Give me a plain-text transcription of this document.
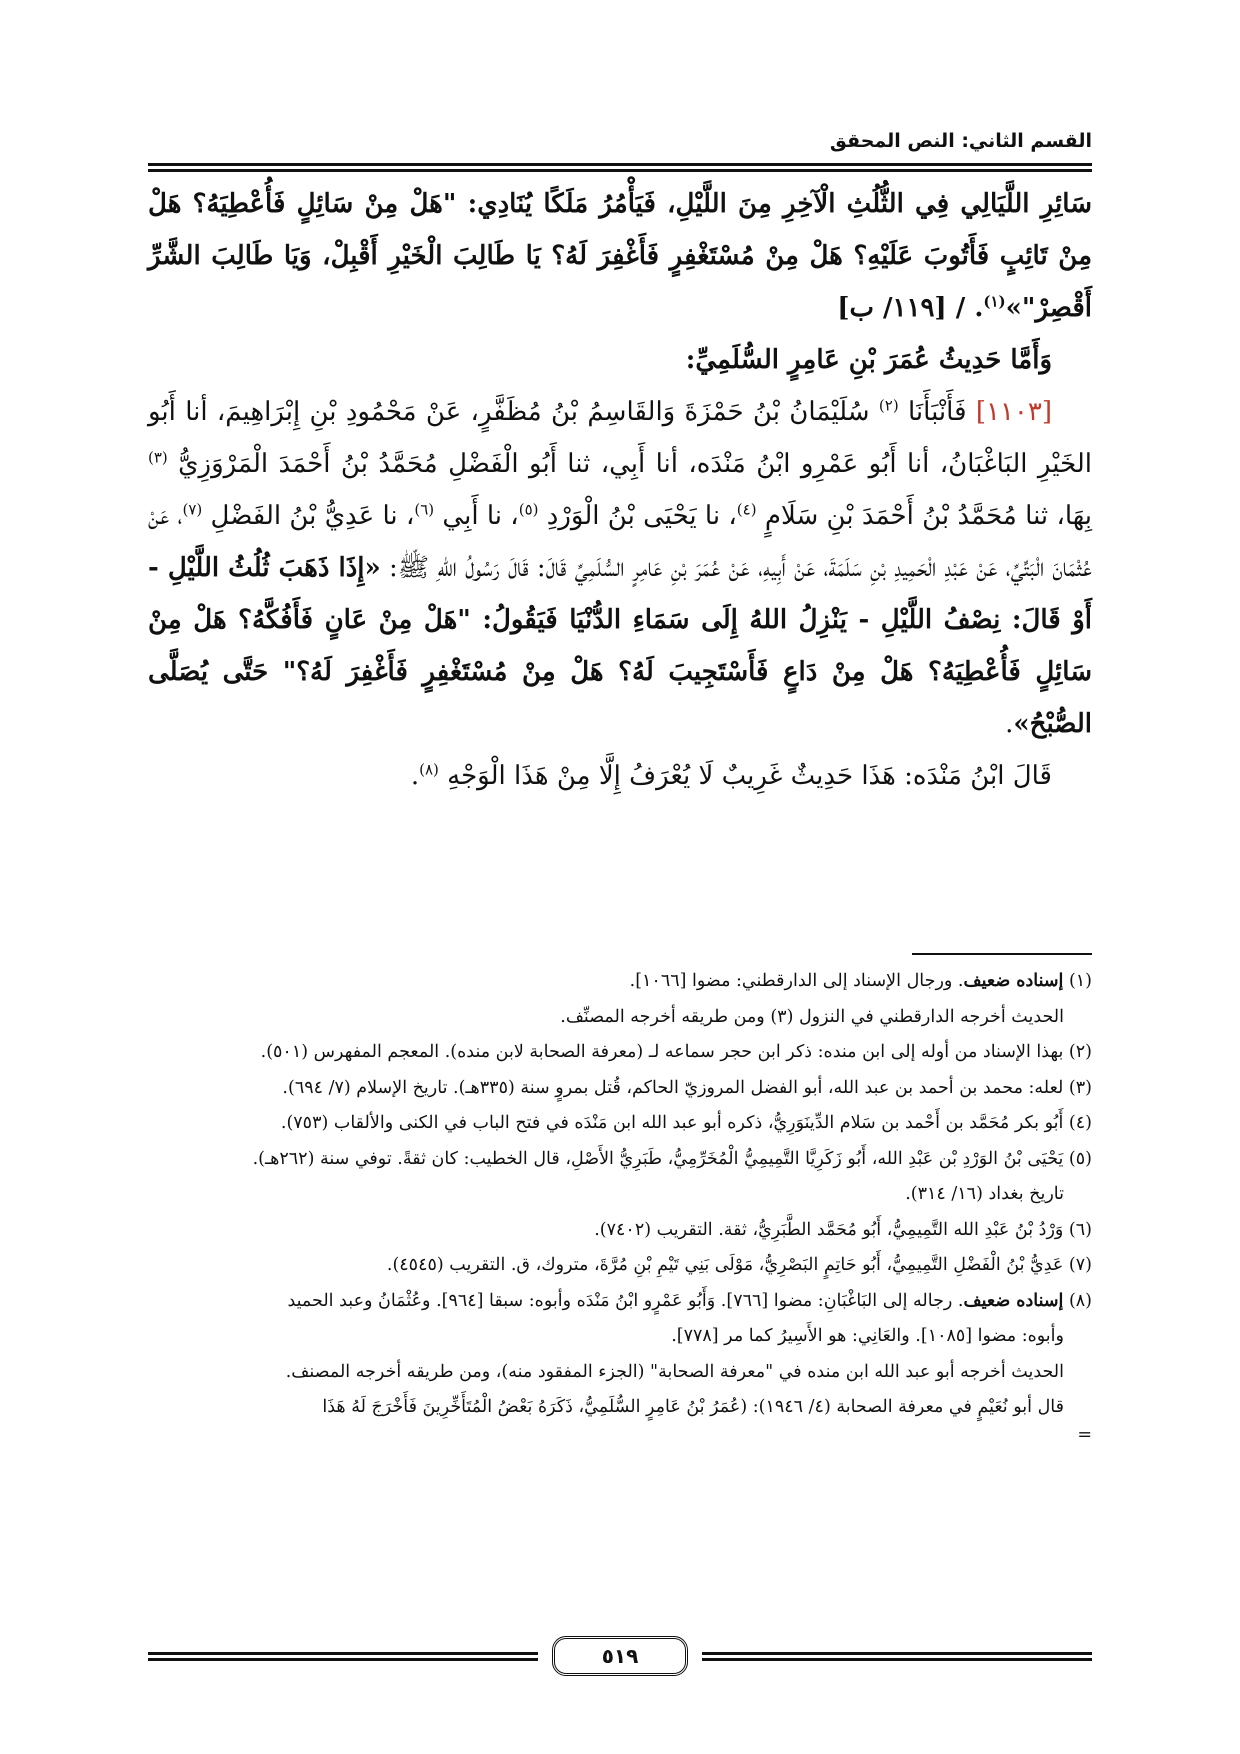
القسم الثاني: النص المحقق

سَائِرِ اللَّيَالِي فِي الثُّلُثِ الْآخِرِ مِنَ اللَّيْلِ، فَيَأْمُرُ مَلَكًا يُنَادِي: "هَلْ مِنْ سَائِلٍ فَأُعْطِيَهُ؟ هَلْ مِنْ تَائِبٍ فَأَتُوبَ عَلَيْهِ؟ هَلْ مِنْ مُسْتَغْفِرٍ فَأَغْفِرَ لَهُ؟ يَا طَالِبَ الْخَيْرِ أَقْبِلْ، وَيَا طَالِبَ الشَّرِّ أَقْصِرْ"»$^{(١)}$. / [١١٩/ ب]

وَأَمَّا حَدِيثُ عُمَرَ بْنِ عَامِرٍ السُّلَمِيِّ:

[١١٠٣] فَأَنْبَأَنَا $^{(٢)}$ سُلَيْمَانُ بْنُ حَمْزَةَ وَالقَاسِمُ بْنُ مُظَفَّرٍ، عَنْ مَحْمُودِ بْنِ إِبْرَاهِيمَ، أنا أَبُو الخَيْرِ البَاغْبَانُ، أنا أَبُو عَمْرِو ابْنُ مَنْدَه، أنا أَبِي، ثنا أَبُو الْفَضْلِ مُحَمَّدُ بْنُ أَحْمَدَ الْمَرْوَزِيُّ $^{(٣)}$ بِهَا، ثنا مُحَمَّدُ بْنُ أَحْمَدَ بْنِ سَلَامٍ $^{(٤)}$، نا يَحْيَى بْنُ الْوَرْدِ $^{(٥)}$، نا أَبِي $^{(٦)}$، نا عَدِيُّ بْنُ الفَضْلِ $^{(٧)}$، عَنْ عُثْمَانَ الْبَتِّيِّ، عَنْ عَبْدِ الْحَمِيدِ بْنِ سَلَمَةَ، عَنْ أَبِيهِ، عَنْ عُمَرَ بْنِ عَامِرٍ السُّلَمِيِّ قَالَ: قَالَ رَسُولُ اللهِ ﷺ: «إِذَا ذَهَبَ ثُلُثُ اللَّيْلِ - أَوْ قَالَ: نِصْفُ اللَّيْلِ - يَنْزِلُ اللهُ إِلَى سَمَاءِ الدُّنْيَا فَيَقُولُ: "هَلْ مِنْ عَانٍ فَأَفُكَّهُ؟ هَلْ مِنْ سَائِلٍ فَأُعْطِيَهُ؟ هَلْ مِنْ دَاعٍ فَأَسْتَجِيبَ لَهُ؟ هَلْ مِنْ مُسْتَغْفِرٍ فَأَغْفِرَ لَهُ؟" حَتَّى يُصَلَّى الصُّبْحُ».

قَالَ ابْنُ مَنْدَه: هَذَا حَدِيثٌ غَرِيبٌ لَا يُعْرَفُ إِلَّا مِنْ هَذَا الْوَجْهِ $^{(٨)}$.

(١) إسناده ضعيف. ورجال الإسناد إلى الدارقطني: مضوا [١٠٦٦].

الحديث أخرجه الدارقطني في النزول (٣) ومن طريقه أخرجه المصنِّف.

(٢) بهذا الإسناد من أوله إلى ابن منده: ذكر ابن حجر سماعه لـ (معرفة الصحابة لابن منده). المعجم المفهرس (٥٠١).

(٣) لعله: محمد بن أحمد بن عبد الله، أبو الفضل المروزيّ الحاكم، قُتل بمروٍ سنة (٣٣٥هـ). تاريخ الإسلام (٧/ ٦٩٤).

(٤) أَبُو بكر مُحَمَّد بن أَحْمد بن سَلام الدِّينَوَرِيُّ، ذكره أبو عبد الله ابن مَنْدَه في فتح الباب في الكنى والألقاب (٧٥٣).

(٥) يَحْيَى بْنُ الوَرْدِ بْن عَبْدِ الله، أَبُو زَكَرِيَّا التَّمِيمِيُّ الْمُخَرِّمِيُّ، طَبَرِيُّ الأَصْلِ، قال الخطيب: كان ثقةً. توفي سنة (٢٦٢هـ).

تاريخ بغداد (١٦/ ٣١٤).

(٦) وَرْدُ بْنُ عَبْدِ الله التَّمِيمِيُّ، أَبُو مُحَمَّد الطَّبَرِيُّ، ثقة. التقريب (٧٤٠٢).

(٧) عَدِيُّ بْنُ الْفَضْلِ التَّمِيمِيُّ، أَبُو حَاتِمٍ البَصْرِيُّ، مَوْلَى بَنِي تَيْمِ بْنِ مُرَّةَ، متروك، ق. التقريب (٤٥٤٥).

(٨) إسناده ضعيف. رجاله إلى البَاغْبَانِ: مضوا [٧٦٦]. وَأَبُو عَمْرٍو ابْنُ مَنْدَه وأبوه: سبقا [٩٦٤]. وعُثْمَانُ وعبد الحميد

وأبوه: مضوا [١٠٨٥]. والعَانِي: هو الأَسِيرُ كما مر [٧٧٨].

الحديث أخرجه أبو عبد الله ابن منده في "معرفة الصحابة" (الجزء المفقود منه)، ومن طريقه أخرجه المصنف.

قال أبو نُعَيْمٍ في معرفة الصحابة (٤/ ١٩٤٦): (عُمَرُ بْنُ عَامِرٍ السُّلَمِيُّ، ذَكَرَهُ بَعْضُ الْمُتَأَخِّرِينَ فَأَخْرَجَ لَهُ هَذَا

=

٥١٩
